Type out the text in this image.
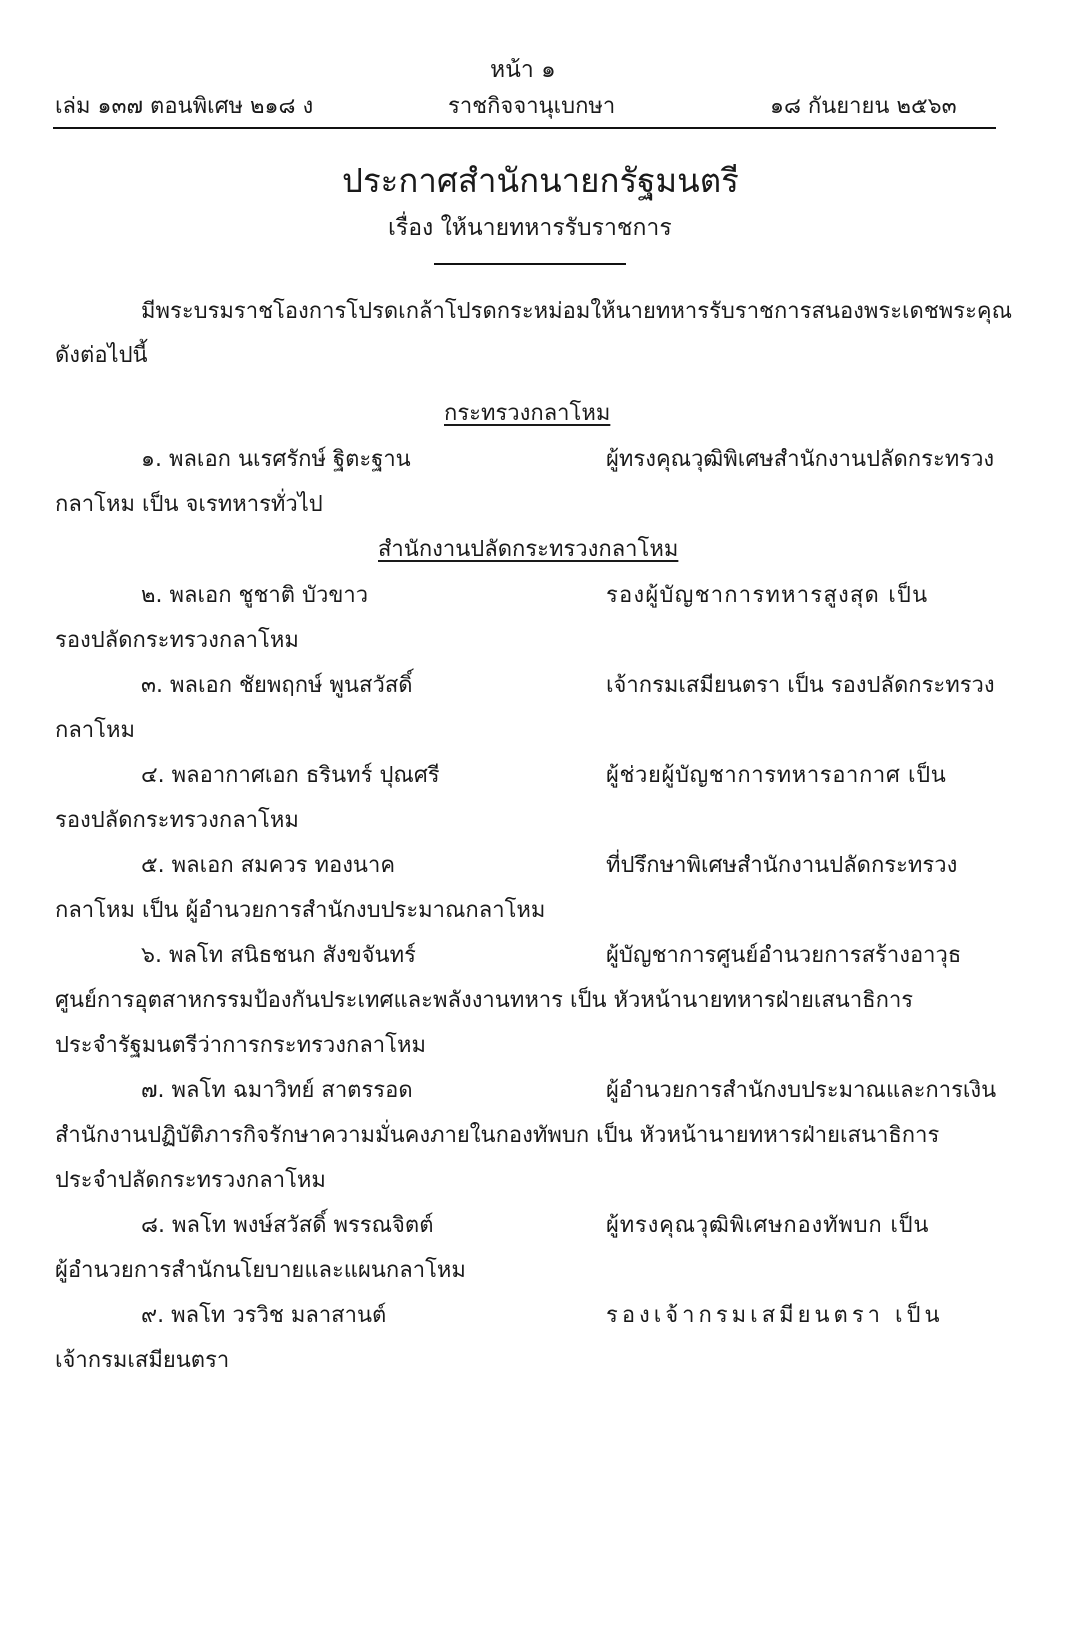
หน้า ๑
เล่ม ๑๓๗ ตอนพิเศษ ๒๑๘ ง	ราชกิจจานุเบกษา	๑๘ กันยายน ๒๕๖๓
ประกาศสำนักนายกรัฐมนตรี
เรื่อง ให้นายทหารรับราชการ
มีพระบรมราชโองการโปรดเกล้าโปรดกระหม่อมให้นายทหารรับราชการสนองพระเดชพระคุณ
ดังต่อไปนี้
กระทรวงกลาโหม
๑. พลเอก นเรศรักษ์ ฐิตะฐาน	ผู้ทรงคุณวุฒิพิเศษสำนักงานปลัดกระทรวง
กลาโหม เป็น จเรทหารทั่วไป
สำนักงานปลัดกระทรวงกลาโหม
๒. พลเอก ชูชาติ บัวขาว	รองผู้บัญชาการทหารสูงสุด เป็น
รองปลัดกระทรวงกลาโหม
๓. พลเอก ชัยพฤกษ์ พูนสวัสดิ์	เจ้ากรมเสมียนตรา เป็น รองปลัดกระทรวง
กลาโหม
๔. พลอากาศเอก ธรินทร์ ปุณศรี	ผู้ช่วยผู้บัญชาการทหารอากาศ เป็น
รองปลัดกระทรวงกลาโหม
๕. พลเอก สมควร ทองนาค	ที่ปรึกษาพิเศษสำนักงานปลัดกระทรวง
กลาโหม เป็น ผู้อำนวยการสำนักงบประมาณกลาโหม
๖. พลโท สนิธชนก สังขจันทร์	ผู้บัญชาการศูนย์อำนวยการสร้างอาวุธ
ศูนย์การอุตสาหกรรมป้องกันประเทศและพลังงานทหาร เป็น หัวหน้านายทหารฝ่ายเสนาธิการ
ประจำรัฐมนตรีว่าการกระทรวงกลาโหม
๗. พลโท ฉมาวิทย์ สาตรรอด	ผู้อำนวยการสำนักงบประมาณและการเงิน
สำนักงานปฏิบัติภารกิจรักษาความมั่นคงภายในกองทัพบก เป็น หัวหน้านายทหารฝ่ายเสนาธิการ
ประจำปลัดกระทรวงกลาโหม
๘. พลโท พงษ์สวัสดิ์ พรรณจิตต์	ผู้ทรงคุณวุฒิพิเศษกองทัพบก เป็น
ผู้อำนวยการสำนักนโยบายและแผนกลาโหม
๙. พลโท วรวิช มลาสานต์	รองเจ้ากรมเสมียนตรา เป็น
เจ้ากรมเสมียนตรา
